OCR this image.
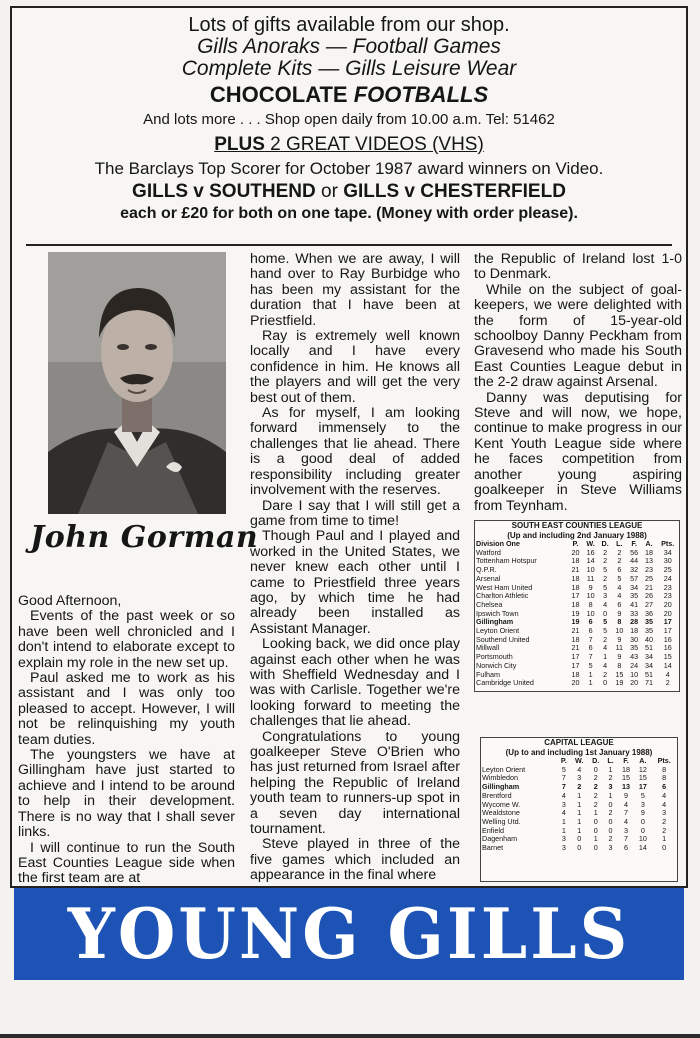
Lots of gifts available from our shop.
Gills Anoraks — Football Games
Complete Kits — Gills Leisure Wear
CHOCOLATE FOOTBALLS
And lots more . . . Shop open daily from 10.00 a.m. Tel: 51462
PLUS 2 GREAT VIDEOS (VHS)
The Barclays Top Scorer for October 1987 award winners on Video.
GILLS v SOUTHEND or GILLS v CHESTERFIELD
each or £20 for both on one tape. (Money with order please).
John Gorman

Good Afternoon,

Events of the past week or so have been well chronicled and I don't intend to elaborate except to explain my role in the new set up.

Paul asked me to work as his assistant and I was only too pleased to accept. However, I will not be relinquishing my youth team duties.

The youngsters we have at Gillingham have just started to achieve and I intend to be around to help in their development. There is no way that I shall sever links.

I will continue to run the South East Counties League side when the first team are at

home. When we are away, I will hand over to Ray Burbidge who has been my assistant for the duration that I have been at Priestfield.

Ray is extremely well known locally and I have every confidence in him. He knows all the players and will get the very best out of them.

As for myself, I am looking forward immensely to the challenges that lie ahead. There is a good deal of added responsibility including greater involvement with the reserves.

Dare I say that I will still get a game from time to time!

Though Paul and I played and worked in the United States, we never knew each other until I came to Priestfield three years ago, by which time he had already been installed as Assistant Manager.

Looking back, we did once play against each other when he was with Sheffield Wednesday and I was with Carlisle. Together we're looking forward to meeting the challenges that lie ahead.

Congratulations to young goalkeeper Steve O'Brien who has just returned from Israel after helping the Republic of Ireland youth team to runners-up spot in a seven day international tournament.

Steve played in three of the five games which included an appearance in the final where

the Republic of Ireland lost 1-0 to Denmark.

While on the subject of goal-keepers, we were delighted with the form of 15-year-old schoolboy Danny Peckham from Gravesend who made his South East Counties League debut in the 2-2 draw against Arsenal.

Danny was deputising for Steve and will now, we hope, continue to make progress in our Kent Youth League side where he faces competition from another young aspiring goalkeeper in Steve Williams from Teynham.

SOUTH EAST COUNTIES LEAGUE
(Up and including 2nd January 1988)
Division One	P.	W.	D.	L.	F.	A.	Pts.
Watford	20	16	2	2	56	18	34
Tottenham Hotspur	18	14	2	2	44	13	30
Q.P.R.	21	10	5	6	32	23	25
Arsenal	18	11	2	5	57	25	24
West Ham United	18	9	5	4	34	21	23
Charlton Athletic	17	10	3	4	35	26	23
Chelsea	18	8	4	6	41	27	20
Ipswich Town	19	10	0	9	33	36	20
Gillingham	19	6	5	8	28	35	17
Leyton Orient	21	6	5	10	18	35	17
Southend United	18	7	2	9	30	40	16
Millwall	21	6	4	11	35	51	16
Portsmouth	17	7	1	9	43	34	15
Norwich City	17	5	4	8	24	34	14
Fulham	18	1	2	15	10	51	4
Cambridge United	20	1	0	19	20	71	2
CAPITAL LEAGUE
(Up to and including 1st January 1988)
	P.	W.	D.	L.	F.	A.	Pts.
Leyton Orient	5	4	0	1	18	12	8
Wimbledon	7	3	2	2	15	15	8
Gillingham	7	2	2	3	13	17	6
Brentford	4	1	2	1	9	5	4
Wycome W.	3	1	2	0	4	3	4
Wealdstone	4	1	1	2	7	9	3
Welling Utd.	1	1	0	0	4	0	2
Enfield	1	1	0	0	3	0	2
Dagenham	3	0	1	2	7	10	1
Barnet	3	0	0	3	6	14	0
YOUNG GILLS
